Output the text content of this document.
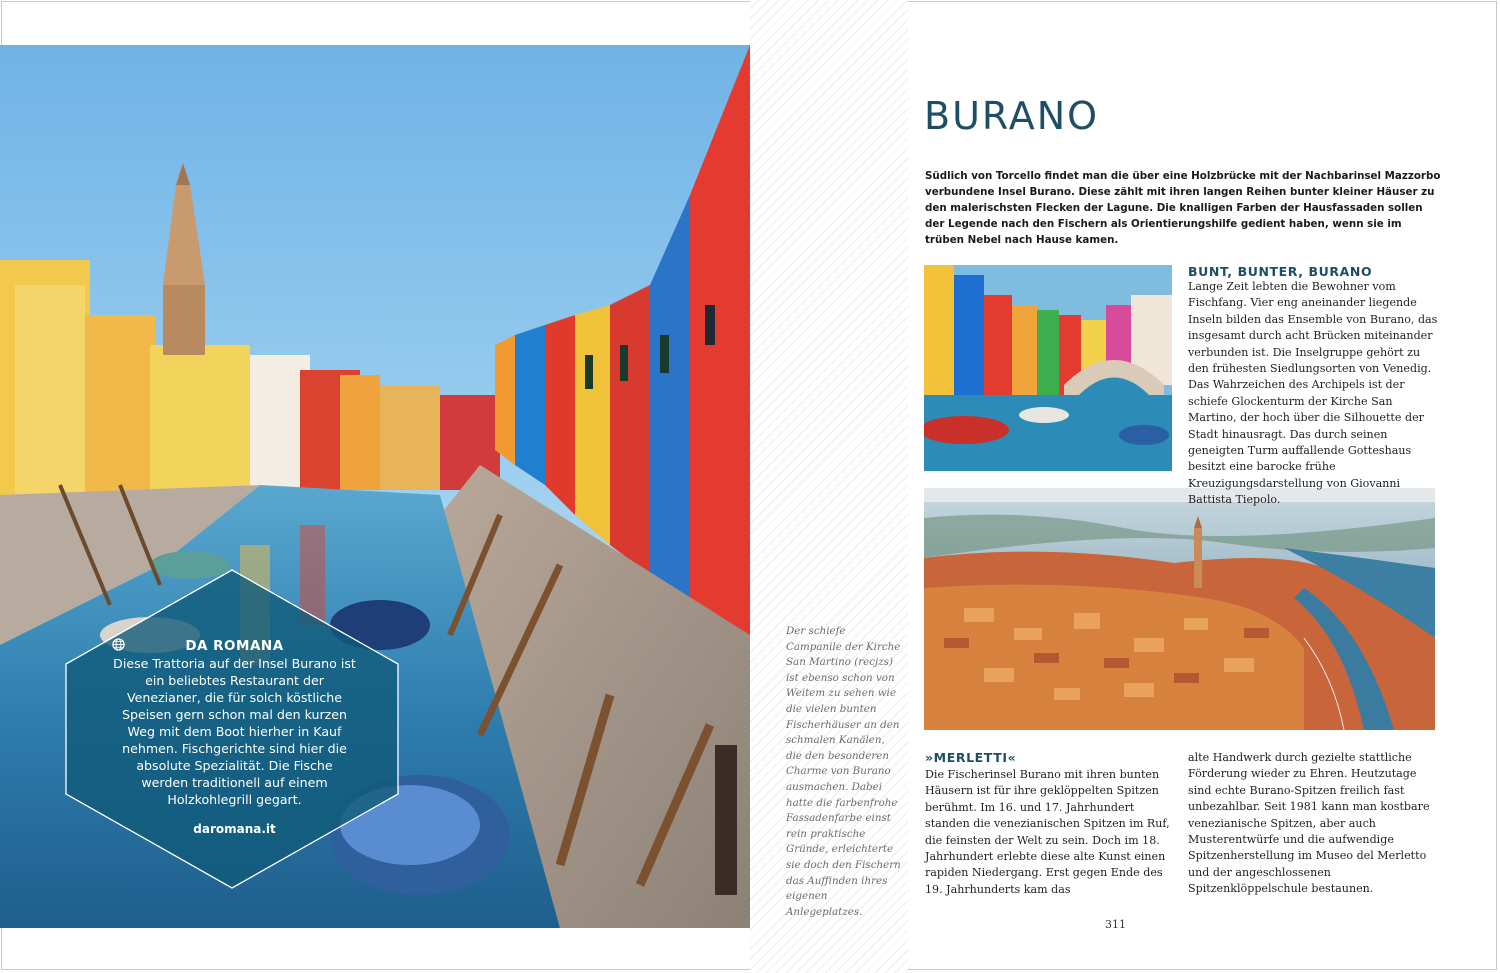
DA ROMANA
Diese Trattoria auf der Insel Burano ist ein beliebtes Restaurant der Venezianer, die für solch köstliche Speisen gern schon mal den kurzen Weg mit dem Boot hierher in Kauf nehmen. Fischgerichte sind hier die absolute Spezialität. Die Fische werden traditionell auf einem Holzkohlegrill gegart.
daromana.it
Der schiefe Campanile der Kirche San Martino (recjzs) ist ebenso schon von Weitem zu sehen wie die vielen bunten Fischerhäuser an den schmalen Kanälen, die den besonderen Charme von Burano ausmachen. Dabei hatte die farbenfrohe Fassadenfarbe einst rein praktische Gründe, erleichterte sie doch den Fischern das Auffinden ihres eigenen Anlegeplatzes.
BURANO
Südlich von Torcello findet man die über eine Holzbrücke mit der Nachbarinsel Mazzorbo verbundene Insel Burano. Diese zählt mit ihren langen Reihen bunter kleiner Häuser zu den malerischsten Flecken der Lagune. Die knalligen Farben der Hausfassaden sollen der Legende nach den Fischern als Orientierungshilfe gedient haben, wenn sie im trüben Nebel nach Hause kamen.
BUNT, BUNTER, BURANO
Lange Zeit lebten die Bewohner vom Fischfang. Vier eng aneinander liegende Inseln bilden das Ensemble von Burano, das insgesamt durch acht Brücken miteinander verbunden ist. Die Inselgruppe gehört zu den frühesten Siedlungsorten von Venedig. Das Wahrzeichen des Archipels ist der schiefe Glockenturm der Kirche San Martino, der hoch über die Silhouette der Stadt hinausragt. Das durch seinen geneigten Turm auffallende Gotteshaus besitzt eine barocke frühe Kreuzigungsdarstellung von Giovanni Battista Tiepolo.
»MERLETTI«
Die Fischerinsel Burano mit ihren bunten Häusern ist für ihre geklöppelten Spitzen berühmt. Im 16. und 17. Jahrhundert standen die venezianischen Spitzen im Ruf, die feinsten der Welt zu sein. Doch im 18. Jahrhundert erlebte diese alte Kunst einen rapiden Niedergang. Erst gegen Ende des 19. Jahrhunderts kam das
alte Handwerk durch gezielte stattliche Förderung wieder zu Ehren. Heutzutage sind echte Burano-Spitzen freilich fast unbezahlbar. Seit 1981 kann man kostbare venezianische Spitzen, aber auch Musterentwürfe und die aufwendige Spitzenherstellung im Museo del Merletto und der angeschlossenen Spitzenklöppelschule bestaunen.
311
